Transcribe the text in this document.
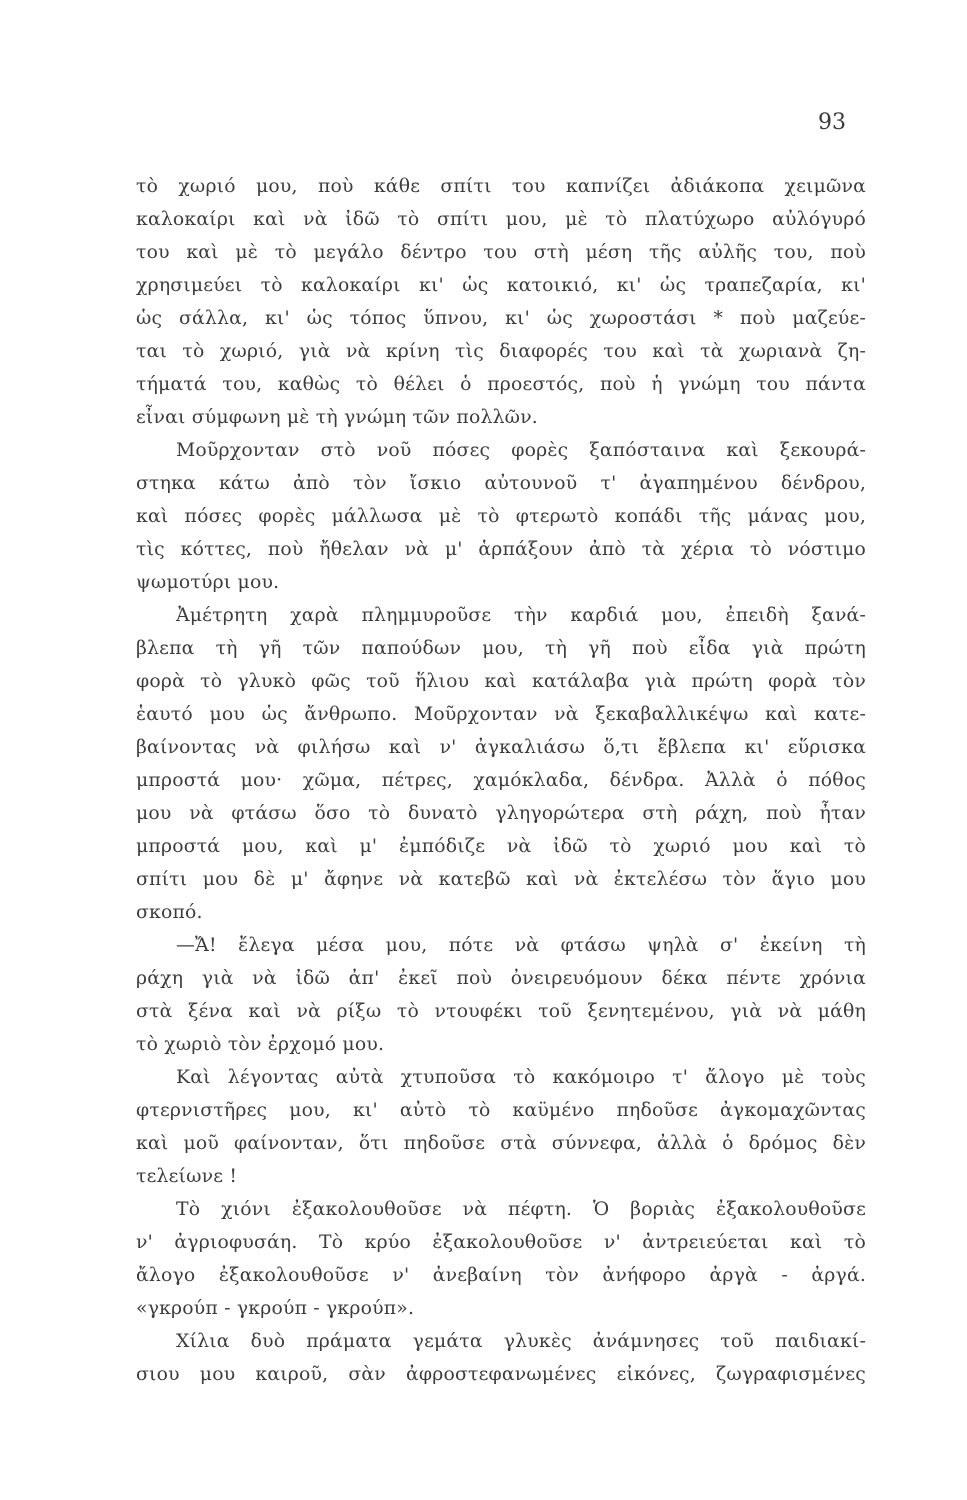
93

τὸ χωριό μου, ποὺ κάθε σπίτι του καπνίζει ἀδιάκοπα χειμῶνα
καλοκαίρι καὶ νὰ ἰδῶ τὸ σπίτι μου, μὲ τὸ πλατύχωρο αὐλόγυρό
του καὶ μὲ τὸ μεγάλο δέντρο του στὴ μέση τῆς αὐλῆς του, ποὺ
χρησιμεύει τὸ καλοκαίρι κι' ὡς κατοικιό, κι' ὡς τραπεζαρία, κι'
ὡς σάλλα, κι' ὡς τόπος ὕπνου, κι' ὡς χωροστάσι * ποὺ μαζεύε-
ται τὸ χωριό, γιὰ νὰ κρίνη τὶς διαφορές του καὶ τὰ χωριανὰ ζη-
τήματά του, καθὼς τὸ θέλει ὁ προεστός, ποὺ ἡ γνώμη του πάντα
εἶναι σύμφωνη μὲ τὴ γνώμη τῶν πολλῶν.

Μοῦρχονταν στὸ νοῦ πόσες φορὲς ξαπόσταινα καὶ ξεκουρά-
στηκα κάτω ἀπὸ τὸν ἴσκιο αὐτουνοῦ τ' ἀγαπημένου δένδρου,
καὶ πόσες φορὲς μάλλωσα μὲ τὸ φτερωτὸ κοπάδι τῆς μάνας μου,
τὶς κόττες, ποὺ ἤθελαν νὰ μ' ἁρπάξουν ἀπὸ τὰ χέρια τὸ νόστιμο
ψωμοτύρι μου.

Ἀμέτρητη χαρὰ πλημμυροῦσε τὴν καρδιά μου, ἐπειδὴ ξανά-
βλεπα τὴ γῆ τῶν παπούδων μου, τὴ γῆ ποὺ εἶδα γιὰ πρώτη
φορὰ τὸ γλυκὸ φῶς τοῦ ἥλιου καὶ κατάλαβα γιὰ πρώτη φορὰ τὸν
ἑαυτό μου ὡς ἄνθρωπο. Μοῦρχονταν νὰ ξεκαβαλλικέψω καὶ κατε-
βαίνοντας νὰ φιλήσω καὶ ν' ἀγκαλιάσω ὅ,τι ἔβλεπα κι' εὕρισκα
μπροστά μου· χῶμα, πέτρες, χαμόκλαδα, δένδρα. Ἀλλὰ ὁ πόθος
μου νὰ φτάσω ὅσο τὸ δυνατὸ γληγορώτερα στὴ ράχη, ποὺ ἦταν
μπροστά μου, καὶ μ' ἐμπόδιζε νὰ ἰδῶ τὸ χωριό μου καὶ τὸ
σπίτι μου δὲ μ' ἄφηνε νὰ κατεβῶ καὶ νὰ ἐκτελέσω τὸν ἅγιο μου
σκοπό.

—Ἄ! ἔλεγα μέσα μου, πότε νὰ φτάσω ψηλὰ σ' ἐκείνη τὴ
ράχη γιὰ νὰ ἰδῶ ἀπ' ἐκεῖ ποὺ ὀνειρευόμουν δέκα πέντε χρόνια
στὰ ξένα καὶ νὰ ρίξω τὸ ντουφέκι τοῦ ξενητεμένου, γιὰ νὰ μάθη
τὸ χωριὸ τὸν ἐρχομό μου.

Καὶ λέγοντας αὐτὰ χτυποῦσα τὸ κακόμοιρο τ' ἄλογο μὲ τοὺς
φτερνιστῆρες μου, κι' αὐτὸ τὸ καϋμένο πηδοῦσε ἀγκομαχῶντας
καὶ μοῦ φαίνονταν, ὅτι πηδοῦσε στὰ σύννεφα, ἀλλὰ ὁ δρόμος δὲν
τελείωνε !

Τὸ χιόνι ἐξακολουθοῦσε νὰ πέφτη. Ὁ βοριὰς ἐξακολουθοῦσε
ν' ἀγριοφυσάη. Τὸ κρύο ἐξακολουθοῦσε ν' ἀντρειεύεται καὶ τὸ
ἄλογο ἐξακολουθοῦσε ν' ἀνεβαίνη τὸν ἀνήφορο ἀργὰ - ἀργά.
«γκρούπ - γκρούπ - γκρούπ».

Χίλια δυὸ πράματα γεμάτα γλυκὲς ἀνάμνησες τοῦ παιδιακί-
σιου μου καιροῦ, σὰν ἀφροστεφανωμένες εἰκόνες, ζωγραφισμένες
